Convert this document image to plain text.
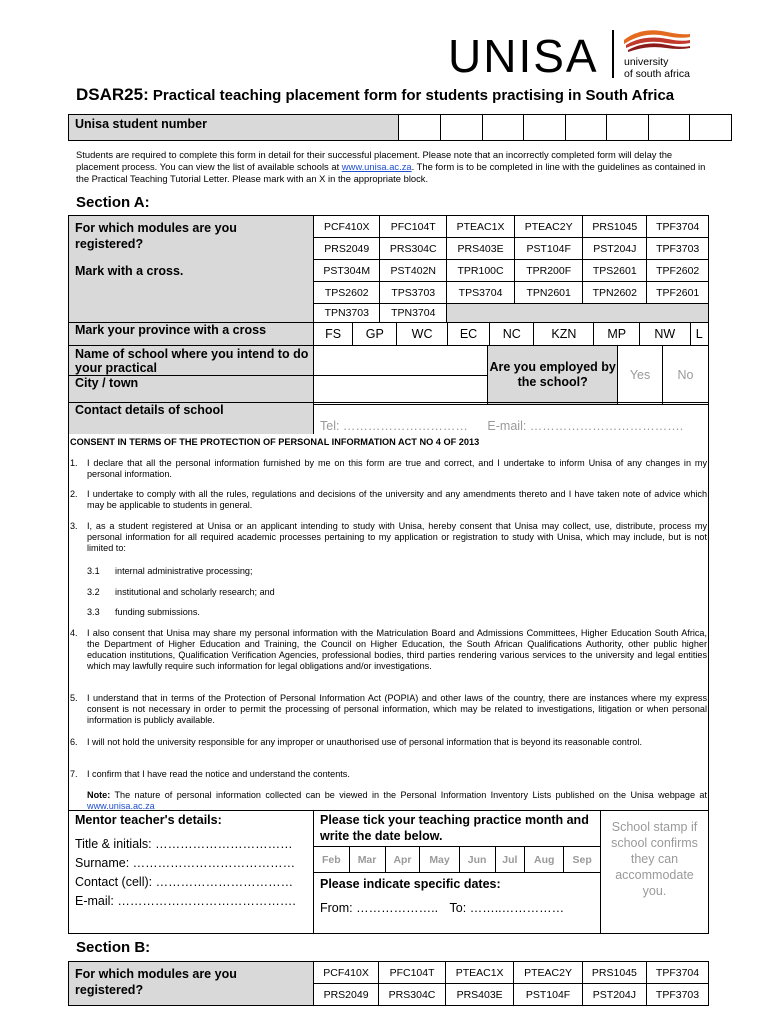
UNISA university
of south africa
DSAR25: Practical teaching placement form for students practising in South Africa
Unisa student number								
Students are required to complete this form in detail for their successful placement. Please note that an incorrectly completed form will delay the placement process. You can view the list of available schools at www.unisa.ac.za. The form is to be completed in line with the guidelines as contained in the Practical Teaching Tutorial Letter. Please mark with an X in the appropriate block.
Section A:
For which modules are you registered?
Mark with a cross.	PCF410X	PFC104T	PTEAC1X	PTEAC2Y	PRS1045	TPF3704
	PRS2049	PRS304C	PRS403E	PST104F	PST204J	TPF3703
	PST304M	PST402N	TPR100C	TPR200F	TPS2601	TPF2602
	TPS2602	TPS3703	TPS3704	TPN2601	TPN2602	TPF2601
	TPN3703	TPN3704				
Mark your province with a cross	FS	GP	WC	EC	NC	KZN	MP	NW	L
Name of school where you intend to do your practical		Are you employed by the school?	Yes	No
City / town				
Contact details of school	Tel: ………………………… E-mail: ……………………………….
CONSENT IN TERMS OF THE PROTECTION OF PERSONAL INFORMATION ACT NO 4 OF 2013
1. I declare that all the personal information furnished by me on this form are true and correct, and I undertake to inform Unisa of any changes in my personal information.
2. I undertake to comply with all the rules, regulations and decisions of the university and any amendments thereto and I have taken note of advice which may be applicable to students in general.
3. I, as a student registered at Unisa or an applicant intending to study with Unisa, hereby consent that Unisa may collect, use, distribute, process my personal information for all required academic processes pertaining to my application or registration to study with Unisa, which may include, but is not limited to:
3.1 internal administrative processing;
3.2 institutional and scholarly research; and
3.3 funding submissions.
4. I also consent that Unisa may share my personal information with the Matriculation Board and Admissions Committees, Higher Education South Africa, the Department of Higher Education and Training, the Council on Higher Education, the South African Qualifications Authority, other public higher education institutions, Qualification Verification Agencies, professional bodies, third parties rendering various services to the university and legal entities which may lawfully require such information for legal obligations and/or investigations.
5. I understand that in terms of the Protection of Personal Information Act (POPIA) and other laws of the country, there are instances where my express consent is not necessary in order to permit the processing of personal information, which may be related to investigations, litigation or when personal information is publicly available.
6. I will not hold the university responsible for any improper or unauthorised use of personal information that is beyond its reasonable control.
7. I confirm that I have read the notice and understand the contents.
Note: The nature of personal information collected can be viewed in the Personal Information Inventory Lists published on the Unisa webpage at www.unisa.ac.za
Mentor teacher's details:
Title & initials: ……………………………
Surname: …………………………………
Contact (cell): ……………………………
E-mail: …………………………………….

Please tick your teaching practice month and write the date below.
Feb	Mar	Apr	May	Jun	Jul	Aug	Sep
Please indicate specific dates:
From: ……………….. To: ……..……………
	School stamp if school confirms they can accommodate you.
Section B:
For which modules are you registered?	PCF410X	PFC104T	PTEAC1X	PTEAC2Y	PRS1045	TPF3704
	PRS2049	PRS304C	PRS403E	PST104F	PST204J	TPF3703
